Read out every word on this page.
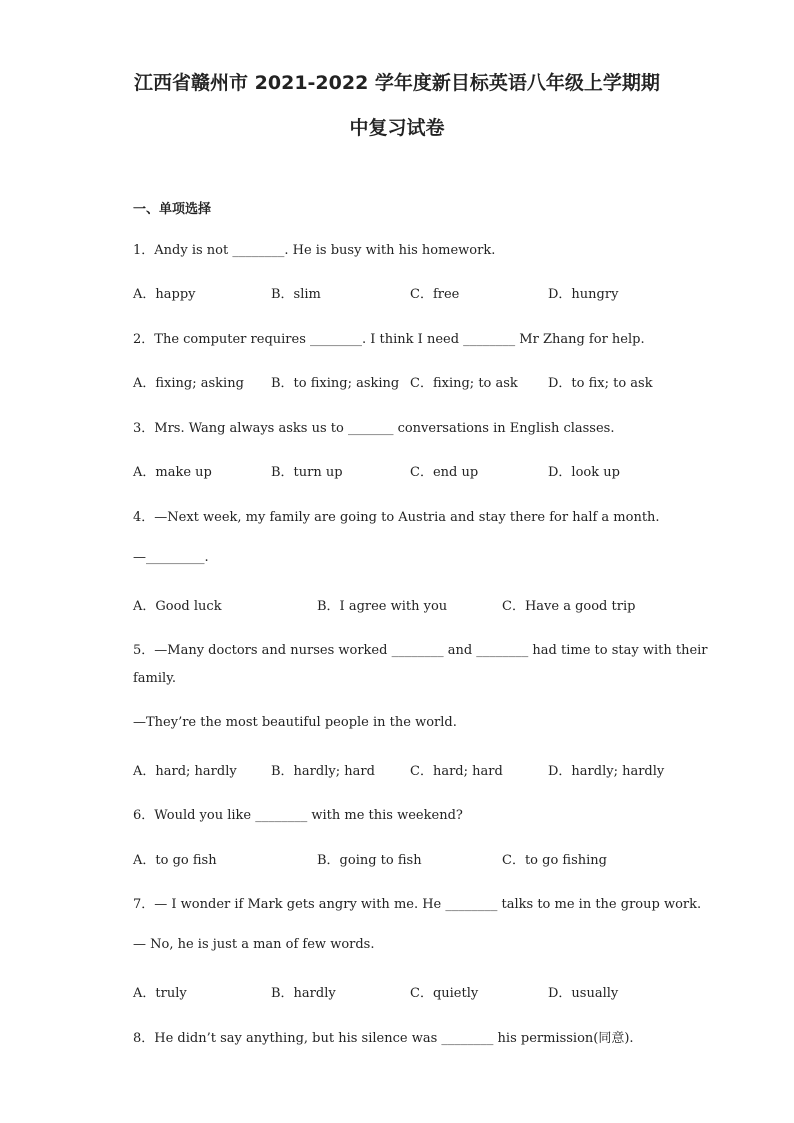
江西省赣州市 2021-2022 学年度新目标英语八年级上学期期
中复习试卷
一、单项选择
1．Andy is not ________. He is busy with his homework.
A．happy	B．slim	C．free	D．hungry
2．The computer requires ________. I think I need ________ Mr Zhang for help.
A．fixing; asking B．to fixing; asking C．fixing; to ask D．to fix; to ask
3．Mrs. Wang always asks us to _______ conversations in English classes.
A．make up	B．turn up	C．end up	D．look up
4．—Next week, my family are going to Austria and stay there for half a month.
—_________.
A．Good luck	B．I agree with you	C．Have a good trip
5．—Many doctors and nurses worked ________ and ________ had time to stay with their
family.
—They’re the most beautiful people in the world.
A．hard; hardly	B．hardly; hard	C．hard; hard	D．hardly; hardly
6．Would you like ________ with me this weekend?
A．to go fish	B．going to fish	C．to go fishing
7．— I wonder if Mark gets angry with me. He ________ talks to me in the group work.
— No, he is just a man of few words.
A．truly	B．hardly	C．quietly	D．usually
8．He didn’t say anything, but his silence was ________ his permission(同意).
